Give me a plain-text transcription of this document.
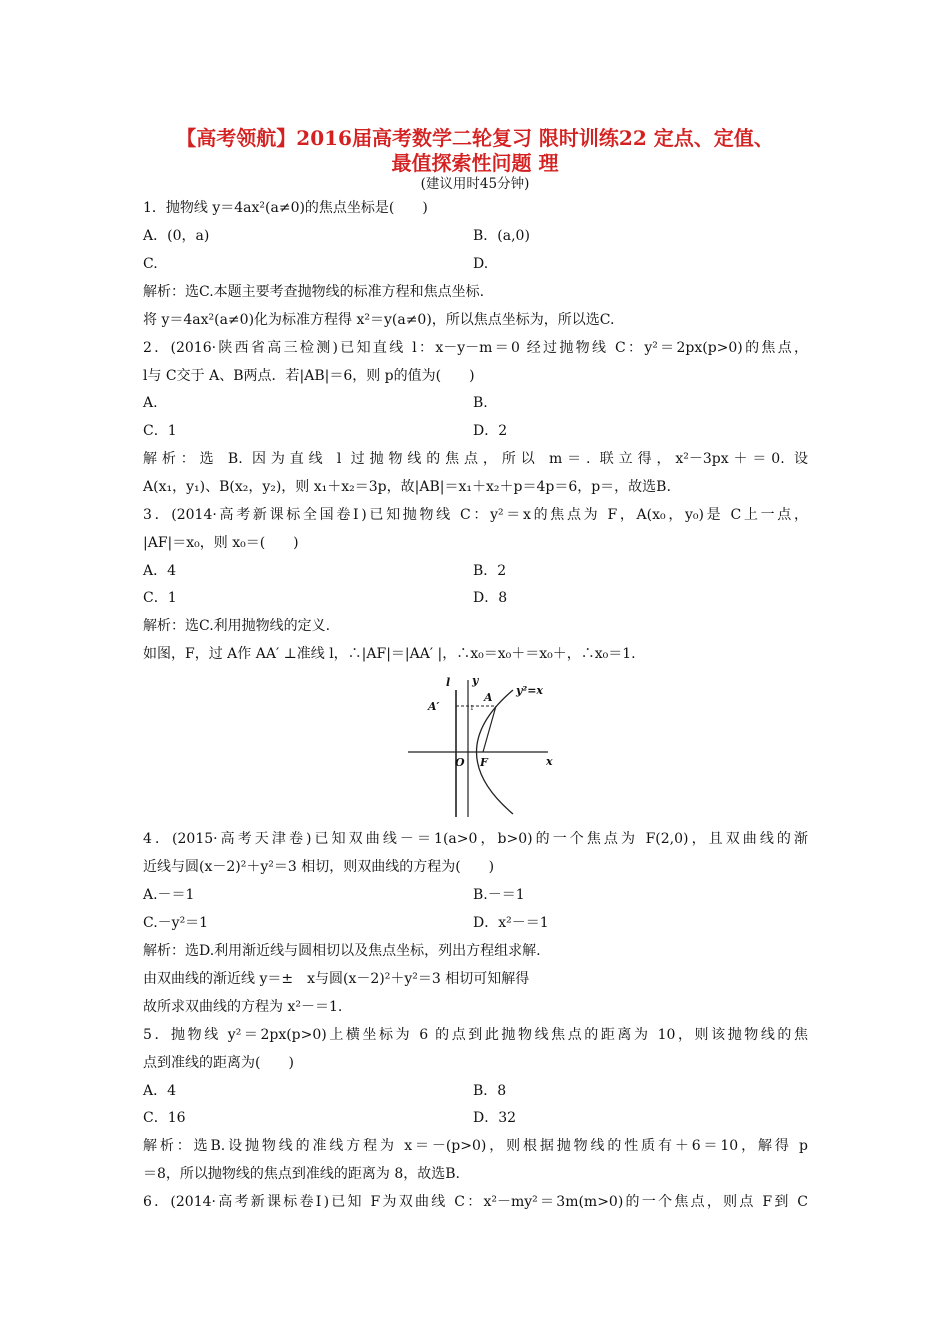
【高考领航】2016届高考数学二轮复习 限时训练22 定点、定值、
最值探索性问题 理
(建议用时45分钟)
1．抛物线 y＝4ax²(a≠0)的焦点坐标是(　　)
A．(0，a)	B．(a,0)
C.	D.
解析：选C.本题主要考查抛物线的标准方程和焦点坐标.
将 y＝4ax²(a≠0)化为标准方程得 x²＝y(a≠0)，所以焦点坐标为，所以选C.
2．(2016·陕西省高三检测)已知直线 l：x－y－m＝0 经过抛物线 C：y²＝2px(p>0)的焦点，
l与 C交于 A、B两点．若|AB|＝6，则 p的值为(　　)
A.	B.
C．1	D．2
解析：选 B. 因为直线 l 过抛物线的焦点，所以 m＝. 联立得，x²－3px＋＝0. 设
A(x₁，y₁)、B(x₂，y₂)，则 x₁＋x₂＝3p，故|AB|＝x₁＋x₂＋p＝4p＝6，p＝，故选B.
3．(2014·高考新课标全国卷Ⅰ)已知抛物线 C：y²＝x的焦点为 F，A(x₀，y₀)是 C上一点，
|AF|＝x₀，则 x₀＝(　　)
A．4	B．2
C．1	D．8
解析：选C.利用抛物线的定义.
如图，F，过 A作 AA′ ⊥准线 l，∴|AF|＝|AA′ |，∴x₀＝x₀＋＝x₀＋，∴x₀＝1.
l y
A
y²=x
A′
O F	x
1
4．(2015·高考天津卷)已知双曲线－＝1(a>0，b>0)的一个焦点为 F(2,0)，且双曲线的渐
近线与圆(x－2)²＋y²＝3 相切，则双曲线的方程为(　　)
A.－＝1	B.－＝1
C.－y²＝1	D．x²－＝1
解析：选D.利用渐近线与圆相切以及焦点坐标，列出方程组求解.
由双曲线的渐近线 y＝±　x与圆(x－2)²＋y²＝3 相切可知解得
故所求双曲线的方程为 x²－＝1.
5．抛物线 y²＝2px(p>0)上横坐标为 6 的点到此抛物线焦点的距离为 10，则该抛物线的焦
点到准线的距离为(　　)
A．4	B．8
C．16	D．32
解析：选B.设抛物线的准线方程为 x＝－(p>0)，则根据抛物线的性质有＋6＝10，解得 p
＝8，所以抛物线的焦点到准线的距离为 8，故选B.
6．(2014·高考新课标卷Ⅰ)已知 F为双曲线 C：x²－my²＝3m(m>0)的一个焦点，则点 F到 C
